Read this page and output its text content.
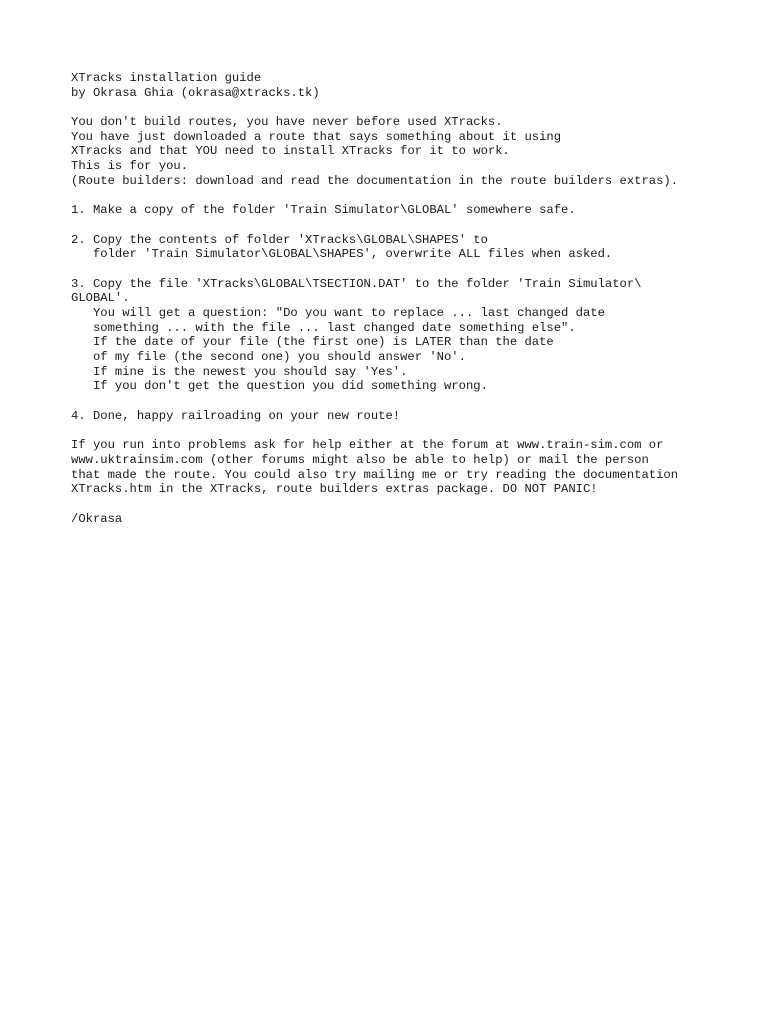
XTracks installation guide
by Okrasa Ghia (okrasa@xtracks.tk)
You don't build routes, you have never before used XTracks.
You have just downloaded a route that says something about it using
XTracks and that YOU need to install XTracks for it to work.
This is for you.
(Route builders: download and read the documentation in the route builders extras).
1. Make a copy of the folder 'Train Simulator\GLOBAL' somewhere safe.
2. Copy the contents of folder 'XTracks\GLOBAL\SHAPES' to
folder 'Train Simulator\GLOBAL\SHAPES', overwrite ALL files when asked.
3. Copy the file 'XTracks\GLOBAL\TSECTION.DAT' to the folder 'Train Simulator\
GLOBAL'.
You will get a question: "Do you want to replace ... last changed date
something ... with the file ... last changed date something else".
If the date of your file (the first one) is LATER than the date
of my file (the second one) you should answer 'No'.
If mine is the newest you should say 'Yes'.
If you don't get the question you did something wrong.
4. Done, happy railroading on your new route!
If you run into problems ask for help either at the forum at www.train-sim.com or
www.uktrainsim.com (other forums might also be able to help) or mail the person
that made the route. You could also try mailing me or try reading the documentation
XTracks.htm in the XTracks, route builders extras package. DO NOT PANIC!
/Okrasa
